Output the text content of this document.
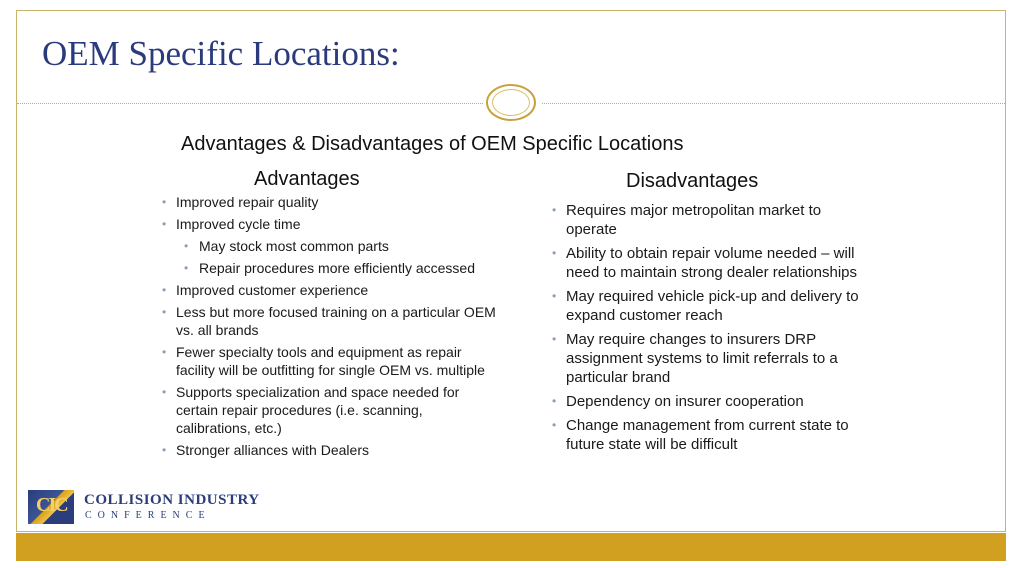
OEM Specific Locations:
Advantages & Disadvantages of OEM Specific Locations
Advantages
• Improved repair quality
• Improved cycle time
• May stock most common parts
• Repair procedures more efficiently accessed
• Improved customer experience
• Less but more focused training on a particular OEM vs. all brands
• Fewer specialty tools and equipment as repair facility will be outfitting for single OEM vs. multiple
• Supports specialization and space needed for certain repair procedures (i.e. scanning, calibrations, etc.)
• Stronger alliances with Dealers
Disadvantages
• Requires major metropolitan market to operate
• Ability to obtain repair volume needed – will need to maintain strong dealer relationships
• May required vehicle pick-up and delivery to expand customer reach
• May require changes to insurers DRP assignment systems to limit referrals to a particular brand
• Dependency on insurer cooperation
• Change management from current state to future state will be difficult
CIC COLLISION INDUSTRY
CONFERENCE
